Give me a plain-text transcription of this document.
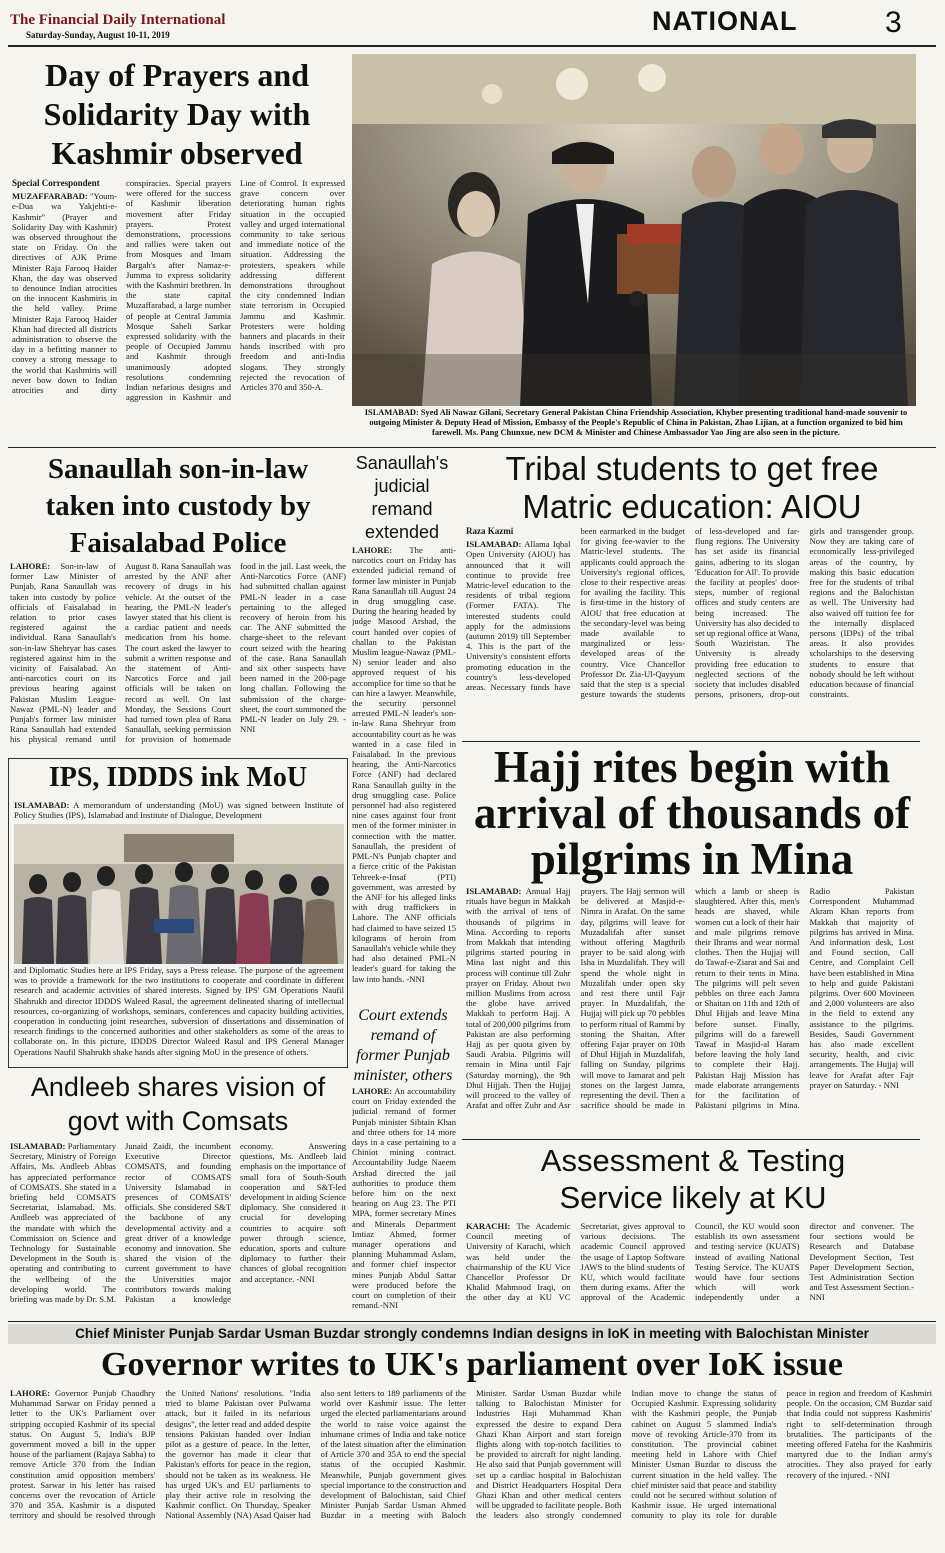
The Financial Daily International
Saturday-Sunday, August 10-11, 2019	NATIONAL	3
Day of Prayers and Solidarity Day with Kashmir observed
Special Correspondent
MUZAFFARABAD: "Youm-e-Dua wa Yakjehti-e-Kashmir" (Prayer and Solidarity Day with Kashmir) was observed throughout the state on Friday. On the directives of AJK Prime Minister Raja Farooq Haider Khan, the day was observed to denounce Indian atrocities on the innocent Kashmiris in the held valley. Prime Minister Raja Farooq Haider Khan had directed all districts administration to observe the day in a befitting manner to convey a strong message to the world that Kashmiris will never bow down to Indian atrocities and dirty conspiracies. Special prayers were offered for the success of Kashmir liberation movement after Friday prayers. Protest demonstrations, processions and rallies were taken out from Mosques and Imam Bargah's after Namaz-e-Jumma to express solidarity with the Kashmiri brethren. In the state capital Muzaffarabad, a large number of people at Central Jammia Mosque Saheli Sarkar expressed solidarity with the people of Occupied Jammu and Kashmir through unanimously adopted resolutions condemning Indian nefarious designs and aggression in Kashmir and Line of Control. It expressed grave concern over deteriorating human rights situation in the occupied valley and urged international community to take serious and immediate notice of the situation. Addressing the protesters, speakers while addressing different demonstrations throughout the city condemned Indian state terrorism in Occupied Jammu and Kashmir. Protesters were holding banners and placards in their hands inscribed with pro freedom and anti-India slogans. They strongly rejected the revocation of Articles 370 and 350-A.
ISLAMABAD: Syed Ali Nawaz Gilani, Secretary General Pakistan China Friendship Association, Khyber presenting traditional hand-made souvenir to outgoing Minister & Deputy Head of Mission, Embassy of the People's Republic of China in Pakistan, Zhao Lijian, at a function organized to bid him farewell. Ms. Pang Chunxue, new DCM & Minister and Chinese Ambassador Yao Jing are also seen in the picture.
Sanaullah son-in-law taken into custody by Faisalabad Police
LAHORE: Son-in-law of former Law Minister of Punjab, Rana Sanaullah was taken into custody by police officials of Faisalabad in relation to prior cases registered against the individual. Rana Sanaullah's son-in-law Shehryar has cases registered against him in the vicinity of Faisalabad. An anti-narcotics court on its previous hearing against Pakistan Muslim League-Nawaz (PML-N) leader and Punjab's former law minister Rana Sanaullah had extended his physical remand until August 8. Rana Sanaullah was arrested by the ANF after recovery of drugs in his vehicle. At the outset of the hearing, the PML-N leader's lawyer stated that his client is a cardiac patient and needs medication from his home. The court asked the lawyer to submit a written response and the statement of Anti-Narcotics Force and jail officials will be taken on record as well. On last Monday, the Sessions Court had turned town plea of Rana Sanaullah, seeking permission for provision of homemade food in the jail. Last week, the Anti-Narcotics Force (ANF) had submitted challan against PML-N leader in a case pertaining to the alleged recovery of heroin from his car. The ANF submitted the charge-sheet to the relevant court seized with the hearing of the case. Rana Sanaullah and six other suspects have been named in the 200-page long challan. Following the submission of the charge-sheet, the court summoned the PML-N leader on July 29. - NNI
Sanaullah's judicial remand extended
LAHORE: The anti-narcotics court on Friday has extended judicial remand of former law minister in Punjab Rana Sanaullah till August 24 in drug smuggling case. During the hearing headed by judge Masood Arshad, the court handed over copies of challan to the Pakistan Muslim league-Nawaz (PML-N) senior leader and also approved request of his accomplice for time so that he can hire a lawyer. Meanwhile, the security personnel arrested PML-N leader's son-in-law Rana Shehryar from accountability court as he was wanted in a case filed in Faisalabad. In the previous hearing, the Anti-Narcotics Force (ANF) had declared Rana Sanaullah guilty in the drug smuggling case. Police personnel had also registered nine cases against four front men of the former minister in connection with the matter. Sanaullah, the president of PML-N's Punjab chapter and a fierce critic of the Pakistan Tehreek-e-Insaf (PTI) government, was arrested by the ANF for his alleged links with drug traffickers in Lahore. The ANF officials had claimed to have seized 15 kilograms of heroin from Sanaullah's vehicle while they had also detained PML-N leader's guard for taking the law into hands. -NNI
Court extends remand of former Punjab minister, others
LAHORE: An accountability court on Friday extended the judicial remand of former Punjab minister Sibtain Khan and three others for 14 more days in a case pertaining to a Chiniot mining contract. Accountability Judge Naeem Arshad directed the jail authorities to produce them before him on the next hearing on Aug 23. The PTI MPA, former secretary Mines and Minerals Department Imtiaz Ahmed, former manager operations and planning Muhammad Aslam, and former chief inspector mines Punjab Abdul Sattar were produced before the court on completion of their remand.-NNI
Tribal students to get free Matric education: AIOU
Raza Kazmi
ISLAMABAD: Allama Iqbal Open University (AIOU) has announced that it will continue to provide free Matric-level education to the residents of tribal regions (Former FATA). The interested students could apply for the admissions (autumn 2019) till September 4. This is the part of the University's consistent efforts promoting education in the country's less-developed areas. Necessary funds have been earmarked in the budget for giving fee-wavier to the Matric-level students. The applicants could approach the University's regional offices, close to their respective areas for availing the facility. This is first-time in the history of AIOU that free education at the secondary-level was being made available to marginalized or less-developed areas of the country. Vice Chancellor Professor Dr. Zia-Ul-Qayyum said that the step is a special gesture towards the students of less-developed and far-flung regions. The University has set aside its financial gains, adhering to its slogan 'Education for All'. To provide the facility at peoples' door-steps, number of regional offices and study centers are being increased. The University has also decided to set up regional office at Wana, South Waziristan. The University is already providing free education to neglected sections of the society that includes disabled persons, prisoners, drop-out girls and transgender group. Now they are taking care of economically less-privileged areas of the country, by making this basic education free for the students of tribal regions and the Balochistan as well. The University had also waived off tuition fee for the internally displaced persons (IDPs) of the tribal areas. It also provides scholarships to the deserving students to ensure that nobody should be left without education because of financial constraints.
IPS, IDDDS ink MoU
ISLAMABAD: A memorandum of understanding (MoU) was signed between Institute of Policy Studies (IPS), Islamabad and Institute of Dialogue, Development
and Diplomatic Studies here at IPS Friday, says a Press release. The purpose of the agreement was to provide a framework for the two institutions to cooperate and coordinate in different research and academic activities of shared interests. Signed by IPS' GM Operations Naufil Shahrukh and director IDDDS Waleed Rasul, the agreement delineated sharing of intellectual resources, co-organizing of workshops, seminars, conferences and capacity building activities, cooperation in conducting joint researches, subversion of dissertations and dissemination of research findings to the concerned authorities and other stakeholders as some of the areas to collaborate on. In this picture, IDDDS Director Waleed Rasul and IPS General Manager Operations Naufil Shahrukh shake hands after signing MoU in the presence of others.
Hajj rites begin with arrival of thousands of pilgrims in Mina
ISLAMABAD: Annual Hajj rituals have begun in Makkah with the arrival of tens of thousands of pilgrims in Mina. According to reports from Makkah that intending pilgrims started pouring in Mina last night and this process will continue till Zuhr prayer on Friday. About two million Muslims from across the globe have arrived Makkah to perform Hajj. A total of 200,000 pilgrims from Pakistan are also performing Hajj as per quota given by Saudi Arabia. Pilgrims will remain in Mina until Fajr (Saturday morning), the 9th Dhul Hijjah. Then the Hujjaj will proceed to the valley of Arafat and offer Zuhr and Asr prayers. The Hajj sermon will be delivered at Masjid-e-Nimra in Arafat. On the same day, pilgrims will leave for Muzadalifah after sunset without offering Magthrib prayer to be said along with Isha in Muzdalifah. They will spend the whole night in Muzalifah under open sky and rest there until Fajr prayer. In Muzdalifah, the Hujjaj will pick up 70 pebbles to perform ritual of Rammi by stoning the Shaitan. After offering Fajar prayer on 10th of Dhul Hijjah in Muzdalifah, falling on Sunday, pilgrims will move to Jamarat and pelt stones on the largest Jamra, representing the devil. Then a sacrifice should be made in which a lamb or sheep is slaughtered. After this, men's heads are shaved, while women cut a lock of their hair and male pilgrims remove their Ihrams and wear normal clothes. Then the Hujjaj will do Tawaf-e-Ziarat and Sai and return to their tents in Mina. The pilgrims will pelt seven pebbles on three each Jamra or Shaitan on 11th and 12th of Dhul Hijjah and leave Mina before sunset. Finally, pilgrims will do a farewell Tawaf in Masjid-al Haram before leaving the holy land to complete their Hajj. Pakistan Hajj Mission has made elaborate arrangements for the facilitation of Pakistani pilgrims in Mina. Radio Pakistan Correspondent Muhammad Akram Khan reports from Makkah that majority of pilgrims has arrived in Mina. And information desk, Lost and Found section, Call Centre, and Complaint Cell have been established in Mina to help and guide Pakistani pilgrims. Over 600 Movineen and 2,000 volunteers are also in the field to extend any assistance to the pilgrims. Besides, Saudi Government has also made excellent security, health, and civic arrangements. The Hujjaj will leave for Arafat after Fajr prayer on Saturday. - NNI
Andleeb shares vision of govt with Comsats
ISLAMABAD: Parliamentary Secretary, Ministry of Foreign Affairs, Ms. Andleeb Abbas has appreciated performance of COMSATS. She stated in a briefing held COMSATS Secretariat, Islamabad. Ms. Andleeb was appreciated of the mandate with which the Commission on Science and Technology for Sustainable Development in the South is operating and contributing to the wellbeing of the developing world. The briefing was made by Dr. S.M. Junaid Zaidi, the incumbent Executive Director COMSATS, and founding rector of COMSATS University Islamabad in presences of COMSATS' officials. She considered S&T the backbone of any developmental activity and a great driver of a knowledge economy and innovation. She shared the vision of the current government to have the Universities major contributors towards making Pakistan a knowledge economy. Answering questions, Ms. Andleeb laid emphasis on the importance of small fora of South-South cooperation and S&T-led development in aiding Science diplomacy. She considered it crucial for developing countries to acquire soft power through science, education, sports and culture diplomacy to further their chances of global recognition and acceptance. -NNI
Assessment & Testing Service likely at KU
KARACHI: The Academic Council meeting of University of Karachi, which was held under the chairmanship of the KU Vice Chancellor Professor Dr Khalid Mahmood Iraqi, on the other day at KU VC Secretariat, gives approval to various decisions. The academic Council approved the usage of Laptop Software JAWS to the blind students of KU, which would facilitate them during exams. After the approval of the Academic Council, the KU would soon establish its own assessment and testing service (KUATS) instead of availing National Testing Service. The KUATS would have four sections which will work independently under a director and convener. The four sections would be Research and Database Development Section, Test Paper Development Section, Test Administration Section and Test Assessment Section.-NNI
Chief Minister Punjab Sardar Usman Buzdar strongly condemns Indian designs in IoK in meeting with Balochistan Minister
Governor writes to UK's parliament over IoK issue
LAHORE: Governor Punjab Chaudhry Muhammad Sarwar on Friday penned a letter to the UK's Parliament over stripping occupied Kashmir of its special status. On August 5, India's BJP government moved a bill in the upper house of the parliament (Rajaya Sabha) to remove Article 370 from the Indian constitution amid opposition members' protest. Sarwar in his letter has raised concerns over the revocation of Article 370 and 35A. Kashmir is a disputed territory and should be resolved through the United Nations' resolutions. "India tried to blame Pakistan over Pulwama attack, but it failed in its nefarious designs", the letter read and added despite tensions Pakistan handed over Indian pilot as a gesture of peace. In the letter, the governor has made it clear that Pakistan's efforts for peace in the region, should not be taken as its weakness. He has urged UK's and EU parliaments to play their active role in resolving the Kashmir conflict. On Thursday, Speaker National Assembly (NA) Asad Qaiser had also sent letters to 189 parliaments of the world over Kashmir issue. The letter urged the elected parliamentarians around the world to raise voice against the inhumane crimes of India and take notice of the latest situation after the elimination of Article 370 and 35A to end the special status of the occupied Kashmir. Meanwhile, Punjab government gives special importance to the construction and development of Balochistan, said Chief Minister Punjab Sardar Usman Ahmed Buzdar in a meeting with Baloch Minister. Sardar Usman Buzdar while talking to Balochistan Minister for Industries Haji Muhammad Khan expressed the desire to expand Dera Ghazi Khan Airport and start foreign flights along with top-notch facilities to be provided to aircraft for night landing. He also said that Punjab government will set up a cardiac hospital in Balochistan and District Headquarters Hospital Dera Ghazi Khan and other medical centers will be upgraded to facilitate people. Both the leaders also strongly condemned Indian move to change the status of Occupied Kashmir. Expressing solidarity with the Kashmiri people, the Punjab cabinet on August 5 slammed India's move of revoking Article-370 from its constitution. The provincial cabinet meeting held in Lahore with Chief Minister Usman Buzdar to discuss the current situation in the held valley. The chief minister said that peace and stability could not be secured without solution of Kashmir issue. He urged international comunity to play its role for durable peace in region and freedom of Kashmiri people. On the occasion, CM Buzdar said that India could not suppress Kashmiris' right to self-determination through brutalities. The participants of the meeting offered Fateha for the Kashmiris martyred due to the Indian army's atrocities. They also prayed for early recovery of the injured. - NNI
